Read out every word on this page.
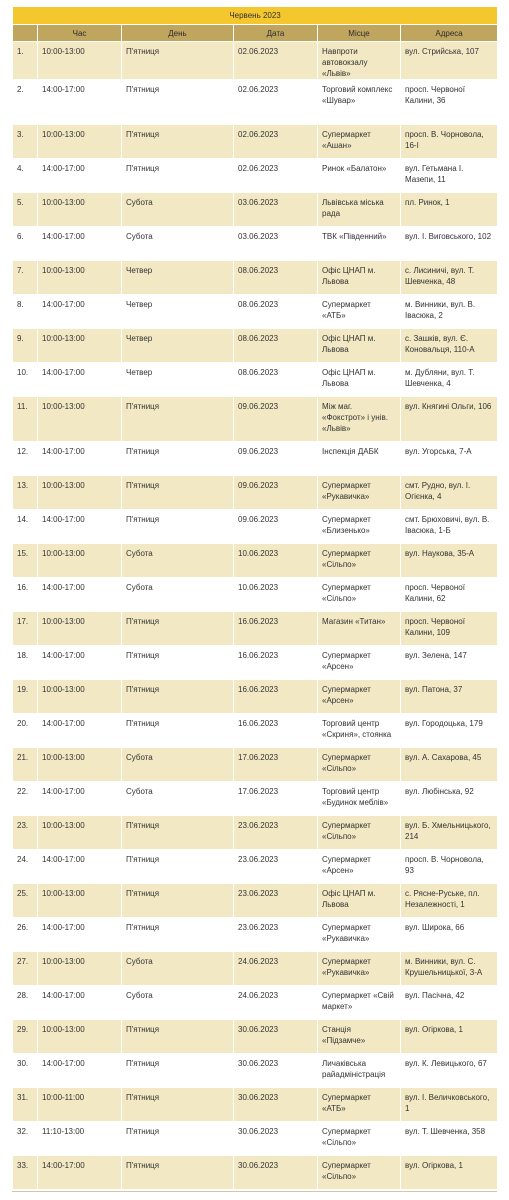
Червень 2023					
	Час	День	Дата	Місце	Адреса
1.	10:00-13:00	П'ятниця	02.06.2023	Навпроти автовокзалу «Львів»	вул. Стрийська, 107
2.	14:00-17:00	П'ятниця	02.06.2023	Торговий комплекс «Шувар»	просп. Червоної Калини, 36
3.	10:00-13:00	П'ятниця	02.06.2023	Супермаркет «Ашан»	просп. В. Чорновола, 16-І
4.	14:00-17:00	П'ятниця	02.06.2023	Ринок «Балатон»	вул. Гетьмана І. Мазепи, 11
5.	10:00-13:00	Субота	03.06.2023	Львівська міська рада	пл. Ринок, 1
6.	14:00-17:00	Субота	03.06.2023	ТВК «Південний»	вул. І. Виговського, 102
7.	10:00-13:00	Четвер	08.06.2023	Офіс ЦНАП м. Львова	с. Лисиничі, вул. Т. Шевченка, 48
8.	14:00-17:00	Четвер	08.06.2023	Супермаркет «АТБ»	м. Винники, вул. В. Івасюка, 2
9.	10:00-13:00	Четвер	08.06.2023	Офіс ЦНАП м. Львова	с. Зашків, вул. Є. Коновальця, 110-А
10.	14:00-17:00	Четвер	08.06.2023	Офіс ЦНАП м. Львова	м. Дубляни, вул. Т. Шевченка, 4
11.	10:00-13:00	П'ятниця	09.06.2023	Між маг. «Фокстрот» і унів. «Львів»	вул. Княгині Ольги, 106
12.	14:00-17:00	П'ятниця	09.06.2023	Інспекція ДАБК	вул. Угорська, 7-А
13.	10:00-13:00	П'ятниця	09.06.2023	Супермаркет «Рукавичка»	смт. Рудно, вул. І. Огієнка, 4
14.	14:00-17:00	П'ятниця	09.06.2023	Супермаркет «Близенько»	смт. Брюховичі, вул. В. Івасюка, 1-Б
15.	10:00-13:00	Субота	10.06.2023	Супермаркет «Сільпо»	вул. Наукова, 35-А
16.	14:00-17:00	Субота	10.06.2023	Супермаркет «Сільпо»	просп. Червоної Калини, 62
17.	10:00-13:00	П'ятниця	16.06.2023	Магазин «Титан»	просп. Червоної Калини, 109
18.	14:00-17:00	П'ятниця	16.06.2023	Супермаркет «Арсен»	вул. Зелена, 147
19.	10:00-13:00	П'ятниця	16.06.2023	Супермаркет «Арсен»	вул. Патона, 37
20.	14:00-17:00	П'ятниця	16.06.2023	Торговий центр «Скриня», стоянка	вул. Городоцька, 179
21.	10:00-13:00	Субота	17.06.2023	Супермаркет «Сільпо»	вул. А. Сахарова, 45
22.	14:00-17:00	Субота	17.06.2023	Торговий центр «Будинок меблів»	вул. Любінська, 92
23.	10:00-13:00	П'ятниця	23.06.2023	Супермаркет «Сільпо»	вул. Б. Хмельницького, 214
24.	14:00-17:00	П'ятниця	23.06.2023	Супермаркет «Арсен»	просп. В. Чорновола, 93
25.	10:00-13:00	П'ятниця	23.06.2023	Офіс ЦНАП м. Львова	с. Рясне-Руське, пл. Незалежності, 1
26.	14:00-17:00	П'ятниця	23.06.2023	Супермаркет «Рукавичка»	вул. Широка, 66
27.	10:00-13:00	Субота	24.06.2023	Супермаркет «Рукавичка»	м. Винники, вул. С. Крушельницької, 3-А
28.	14:00-17:00	Субота	24.06.2023	Супермаркет «Свій маркет»	вул. Пасічна, 42
29.	10:00-13:00	П'ятниця	30.06.2023	Станція «Підзамче»	вул. Огіркова, 1
30.	14:00-17:00	П'ятниця	30.06.2023	Личаківська райадміністрація	вул. К. Левицького, 67
31.	10:00-11:00	П'ятниця	30.06.2023	Супермаркет «АТБ»	вул. І. Величковського, 1
32.	11:10-13:00	П'ятниця	30.06.2023	Супермаркет «Сільпо»	вул. Т. Шевченка, 358
33.	14:00-17:00	П'ятниця	30.06.2023	Супермаркет «Сільпо»	вул. Огіркова, 1
